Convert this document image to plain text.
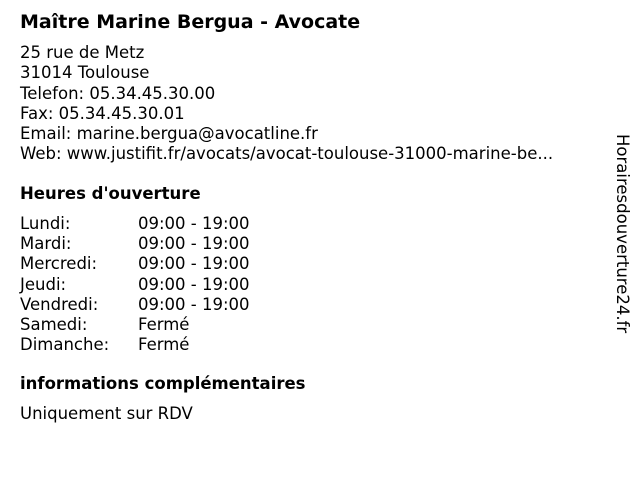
Maître Marine Bergua - Avocate
25 rue de Metz
31014 Toulouse
Telefon: 05.34.45.30.00
Fax: 05.34.45.30.01
Email: marine.bergua@avocatline.fr
Web: www.justifit.fr/avocats/avocat-toulouse-31000-marine-be...
Heures d'ouverture
Lundi:	09:00 - 19:00
Mardi:	09:00 - 19:00
Mercredi:	09:00 - 19:00
Jeudi:	09:00 - 19:00
Vendredi:	09:00 - 19:00
Samedi:	Fermé
Dimanche:	Fermé
informations complémentaires
Uniquement sur RDV
Horairesdouverture24.fr
